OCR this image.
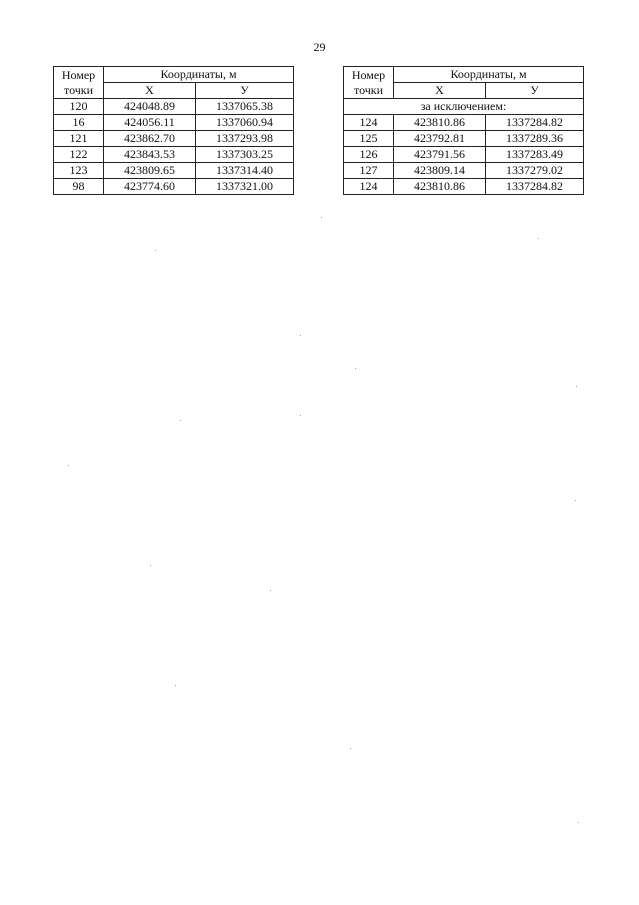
29
Номер точки	Координаты, м	
	Х	У
120	424048.89	1337065.38
16	424056.11	1337060.94
121	423862.70	1337293.98
122	423843.53	1337303.25
123	423809.65	1337314.40
98	423774.60	1337321.00
Номер точки	Координаты, м	
	Х	У
за исключением:		
124	423810.86	1337284.82
125	423792.81	1337289.36
126	423791.56	1337283.49
127	423809.14	1337279.02
124	423810.86	1337284.82
